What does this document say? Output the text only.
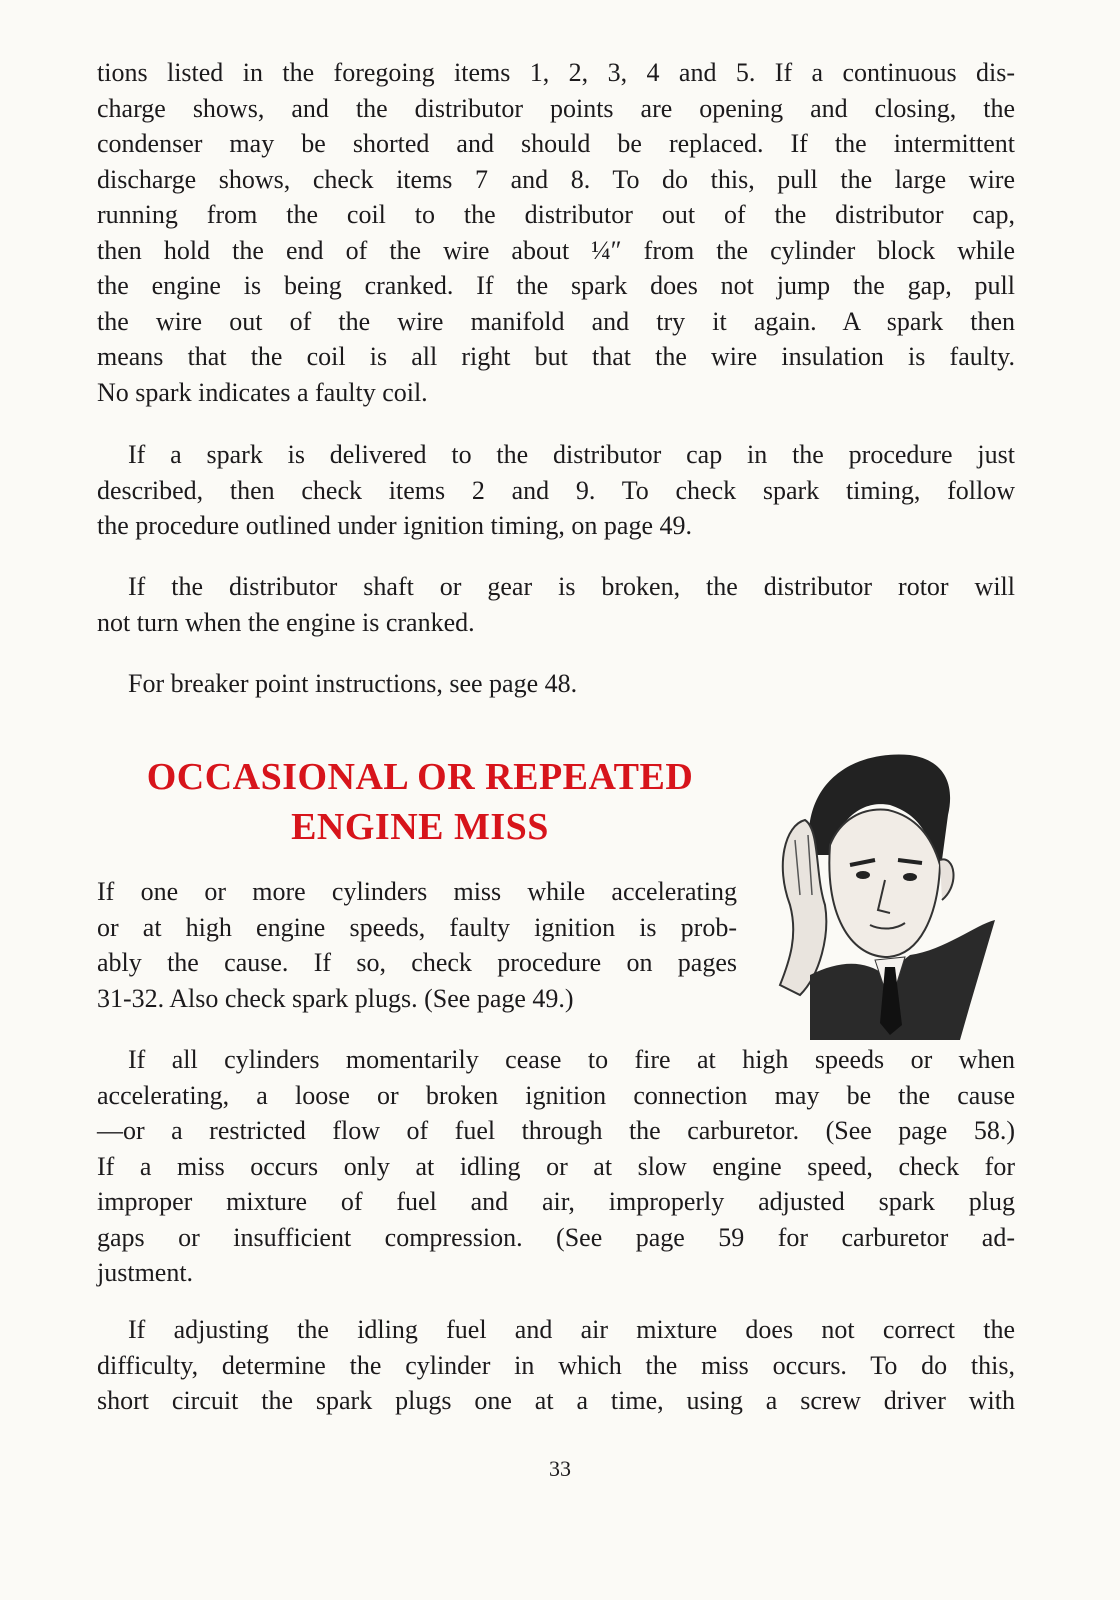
tions listed in the foregoing items 1, 2, 3, 4 and 5. If a continuous dis-
charge shows, and the distributor points are opening and closing, the
condenser may be shorted and should be replaced. If the intermittent
discharge shows, check items 7 and 8. To do this, pull the large wire
running from the coil to the distributor out of the distributor cap,
then hold the end of the wire about ¼″ from the cylinder block while
the engine is being cranked. If the spark does not jump the gap, pull
the wire out of the wire manifold and try it again. A spark then
means that the coil is all right but that the wire insulation is faulty.
No spark indicates a faulty coil.
If a spark is delivered to the distributor cap in the procedure just
described, then check items 2 and 9. To check spark timing, follow
the procedure outlined under ignition timing, on page 49.
If the distributor shaft or gear is broken, the distributor rotor will
not turn when the engine is cranked.
For breaker point instructions, see page 48.
OCCASIONAL OR REPEATED
ENGINE MISS
If one or more cylinders miss while accelerating
or at high engine speeds, faulty ignition is prob-
ably the cause. If so, check procedure on pages
31-32. Also check spark plugs. (See page 49.)
If all cylinders momentarily cease to fire at high speeds or when
accelerating, a loose or broken ignition connection may be the cause
—or a restricted flow of fuel through the carburetor. (See page 58.)
If a miss occurs only at idling or at slow engine speed, check for
improper mixture of fuel and air, improperly adjusted spark plug
gaps or insufficient compression. (See page 59 for carburetor ad-
justment.
If adjusting the idling fuel and air mixture does not correct the
difficulty, determine the cylinder in which the miss occurs. To do this,
short circuit the spark plugs one at a time, using a screw driver with
33
